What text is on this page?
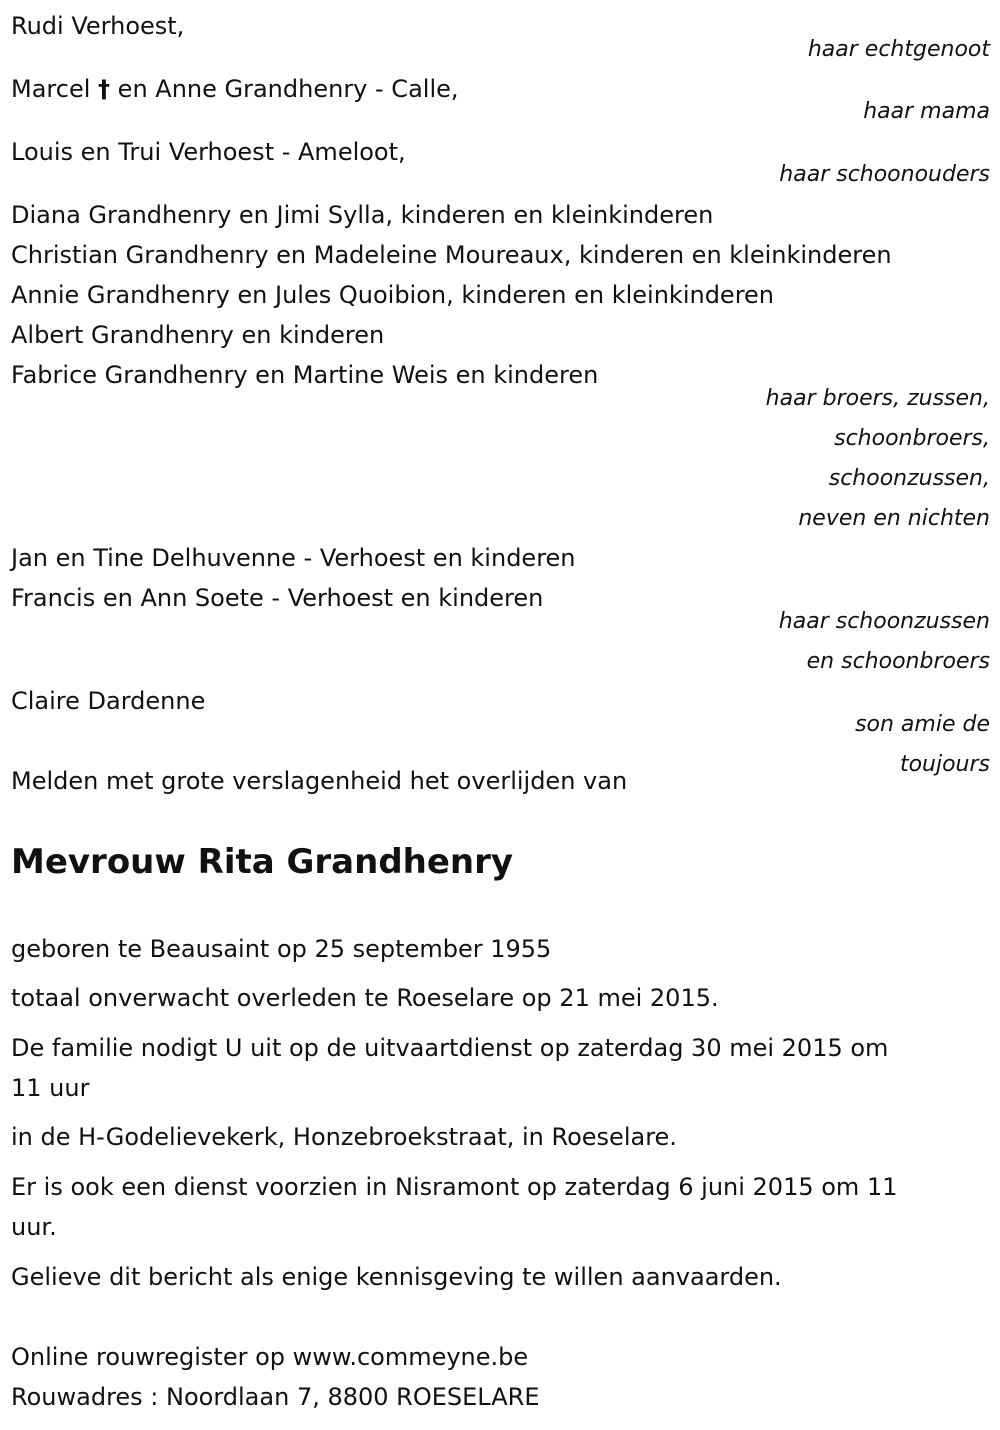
Rudi Verhoest,
haar echtgenoot
Marcel † en Anne Grandhenry - Calle,
haar mama
Louis en Trui Verhoest - Ameloot,
haar schoonouders
Diana Grandhenry en Jimi Sylla, kinderen en kleinkinderen
Christian Grandhenry en Madeleine Moureaux, kinderen en kleinkinderen
Annie Grandhenry en Jules Quoibion, kinderen en kleinkinderen
Albert Grandhenry en kinderen
Fabrice Grandhenry en Martine Weis en kinderen
haar broers, zussen,
schoonbroers,
schoonzussen,
neven en nichten
Jan en Tine Delhuvenne - Verhoest en kinderen
Francis en Ann Soete - Verhoest en kinderen
haar schoonzussen
en schoonbroers
Claire Dardenne
son amie de
toujours
Melden met grote verslagenheid het overlijden van
Mevrouw Rita Grandhenry
geboren te Beausaint op 25 september 1955
totaal onverwacht overleden te Roeselare op 21 mei 2015.
De familie nodigt U uit op de uitvaartdienst op zaterdag 30 mei 2015 om
11 uur
in de H-Godelievekerk, Honzebroekstraat, in Roeselare.
Er is ook een dienst voorzien in Nisramont op zaterdag 6 juni 2015 om 11
uur.
Gelieve dit bericht als enige kennisgeving te willen aanvaarden.
Online rouwregister op www.commeyne.be
Rouwadres : Noordlaan 7, 8800 ROESELARE
